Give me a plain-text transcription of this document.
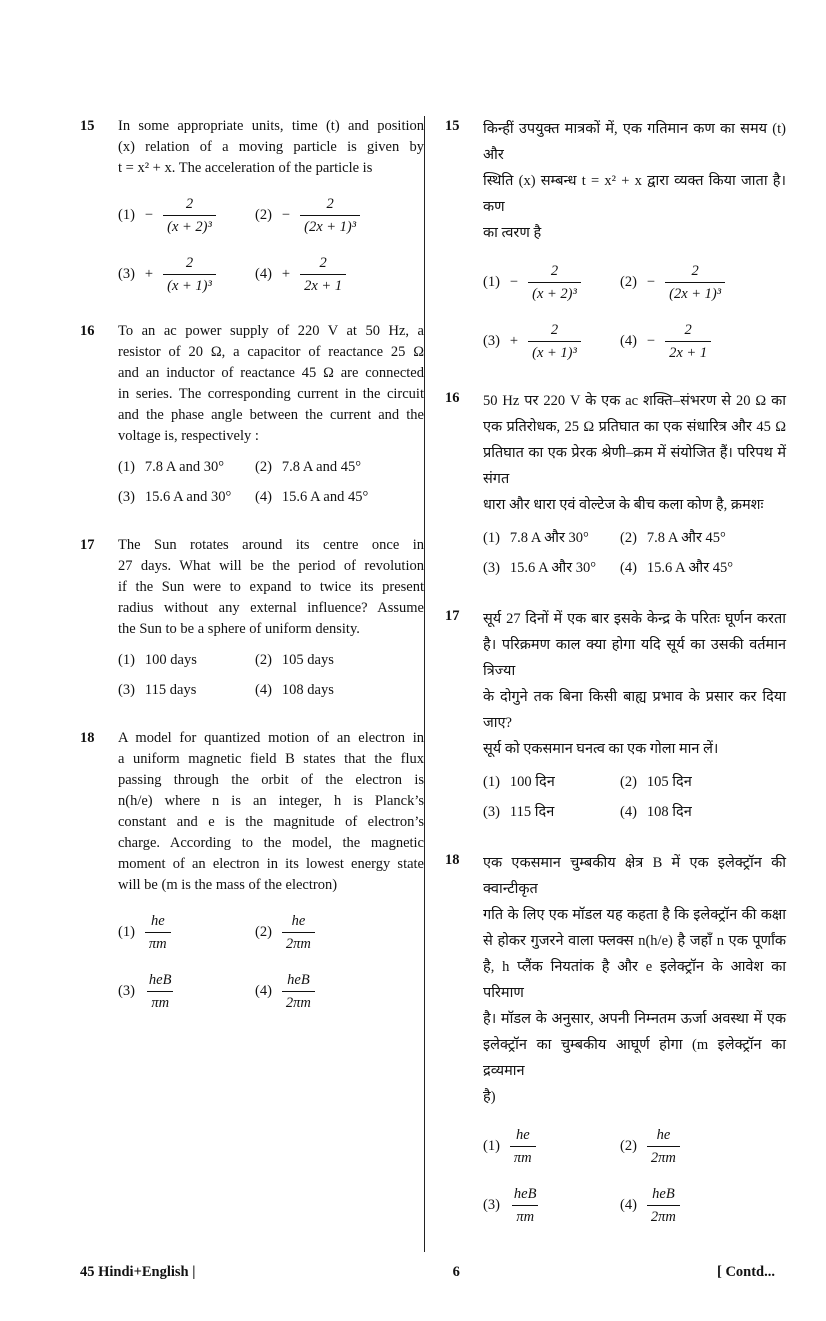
15	In some appropriate units, time (t) and position
(x) relation of a moving particle is given by
t = x² + x. The acceleration of the particle is
$(1) - \frac{2}{\text{(x + 2)³}}$	$(2) - \frac{2}{\text{(2x + 1)³}}$
$(3) + \frac{2}{\text{(x + 1)³}}$	$(4) + \frac{2}{2x + 1}$
16	To an ac power supply of 220 V at 50 Hz, a
resistor of 20 Ω, a capacitor of reactance 25 Ω
and an inductor of reactance 45 Ω are connected
in series. The corresponding current in the circuit
and the phase angle between the current and the
voltage is, respectively :
(1) 7.8 A and 30° (2) 7.8 A and 45°
(3) 15.6 A and 30° (4) 15.6 A and 45°
17	The Sun rotates around its centre once in
27 days. What will be the period of revolution
if the Sun were to expand to twice its present
radius without any external influence? Assume
the Sun to be a sphere of uniform density.
(1) 100 days	(2) 105 days
(3) 115 days	(4) 108 days
18	A model for quantized motion of an electron in
a uniform magnetic field B states that the flux
passing through the orbit of the electron is
n(h/e) where n is an integer, h is Planck’s
constant and e is the magnitude of electron’s
charge. According to the model, the magnetic
moment of an electron in its lowest energy state
will be (m is the mass of the electron)
$(1) \frac{he}{\pi m}$	$(2) \frac{he}{2\pi m}$
$(3) \frac{\text{heB}}{\pi m}$	$(4) \frac{\text{heB}}{2\pi m}$
15	किन्हीं उपयुक्त मात्रकों में, एक गतिमान कण का समय (t) और
स्थिति (x) सम्बन्ध t = x² + x द्वारा व्यक्त किया जाता है। कण
का त्वरण है
$(1) - \frac{2}{\text{(x + 2)³}}$	$(2) - \frac{2}{\text{(2x + 1)³}}$
$(3) + \frac{2}{\text{(x + 1)³}}$	$(4) - \frac{2}{2x + 1}$
16	50 Hz पर 220 V के एक ac शक्ति–संभरण से 20 Ω का
एक प्रतिरोधक, 25 Ω प्रतिघात का एक संधारित्र और 45 Ω
प्रतिघात का एक प्रेरक श्रेणी–क्रम में संयोजित हैं। परिपथ में संगत
धारा और धारा एवं वोल्टेज के बीच कला कोण है, क्रमशः
(1) 7.8 A और 30° (2) 7.8 A और 45°
(3) 15.6 A और 30° (4) 15.6 A और 45°
17	सूर्य 27 दिनों में एक बार इसके केन्द्र के परितः घूर्णन करता
है। परिक्रमण काल क्या होगा यदि सूर्य का उसकी वर्तमान त्रिज्या
के दोगुने तक बिना किसी बाह्य प्रभाव के प्रसार कर दिया जाए?
सूर्य को एकसमान घनत्व का एक गोला मान लें।
(1) 100 दिन	(2) 105 दिन
(3) 115 दिन	(4) 108 दिन
18	एक एकसमान चुम्बकीय क्षेत्र B में एक इलेक्ट्रॉन की क्वान्टीकृत
गति के लिए एक मॉडल यह कहता है कि इलेक्ट्रॉन की कक्षा
से होकर गुजरने वाला फ्लक्स n(h/e) है जहाँ n एक पूर्णांक
है, h प्लैंक नियतांक है और e इलेक्ट्रॉन के आवेश का परिमाण
है। मॉडल के अनुसार, अपनी निम्नतम ऊर्जा अवस्था में एक
इलेक्ट्रॉन का चुम्बकीय आघूर्ण होगा (m इलेक्ट्रॉन का द्रव्यमान
है)
$(1) \frac{he}{\pi m}$	$(2) \frac{he}{2\pi m}$
$(3) \frac{\text{heB}}{\pi m}$	$(4) \frac{\text{heB}}{2\pi m}$
45 Hindi+English |	6	[ Contd...
